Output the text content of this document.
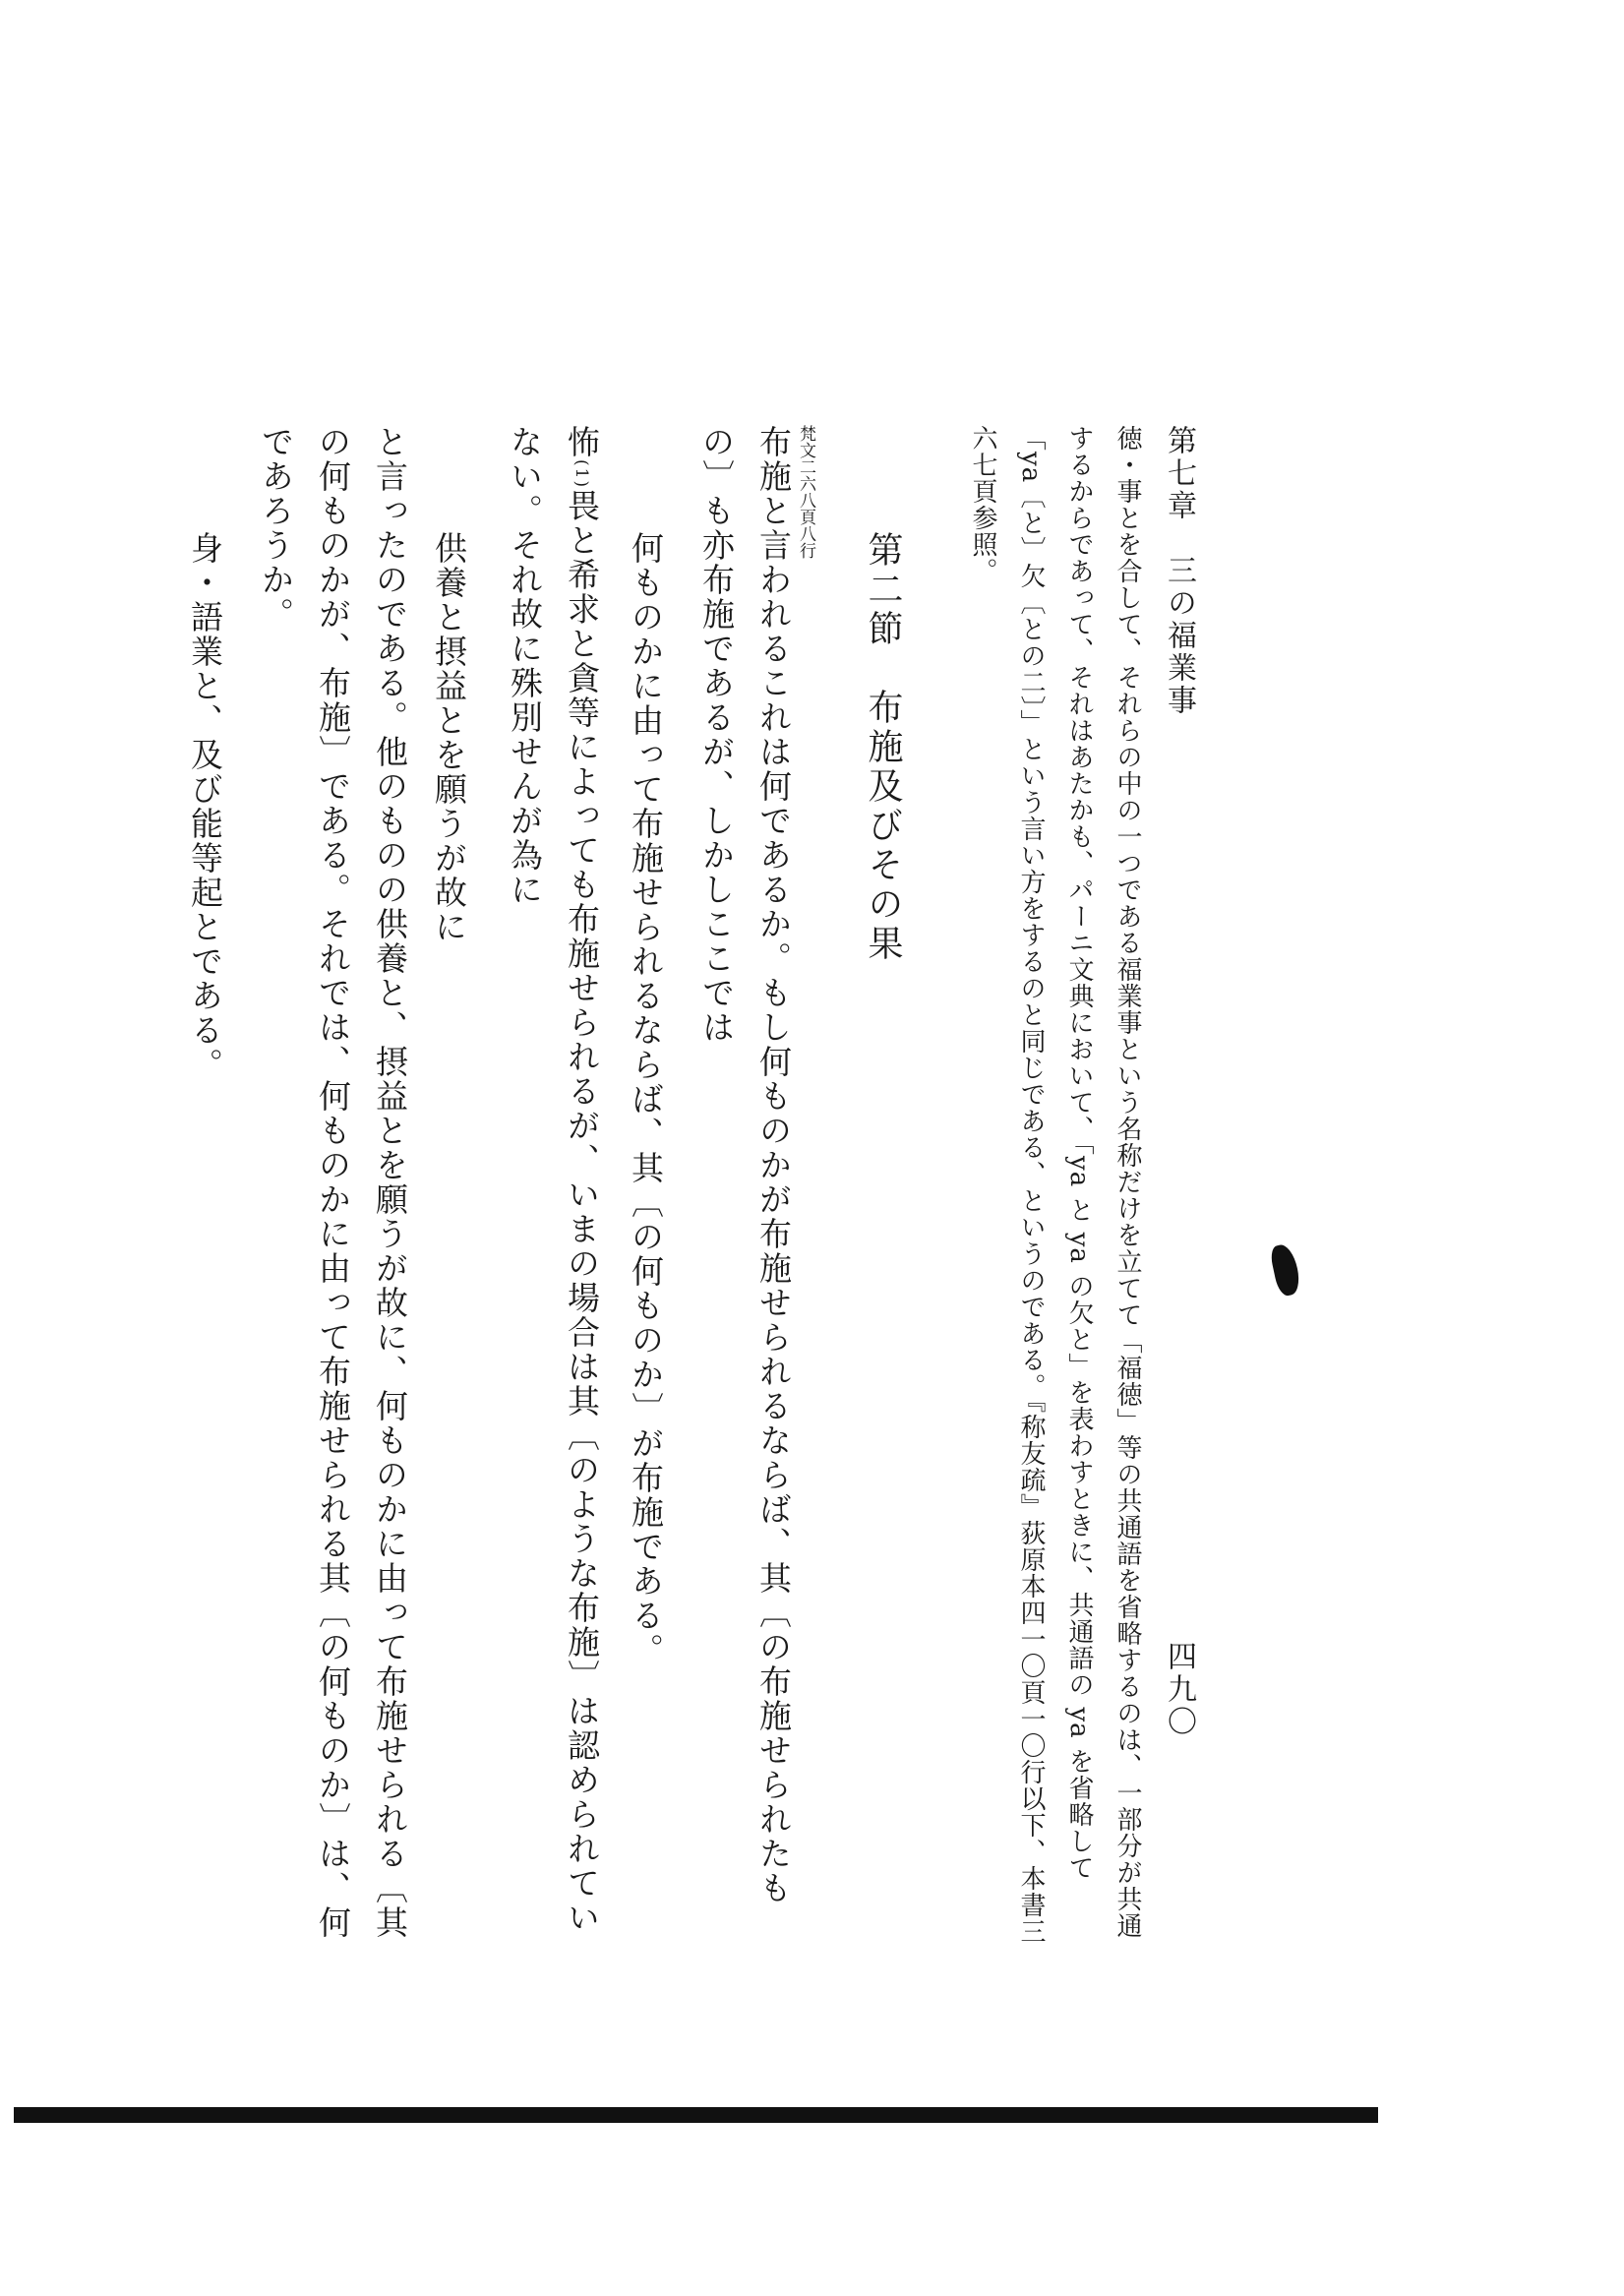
第七章　三の福業事
四九〇
徳・事とを合して、それらの中の一つである福業事という名称だけを立てて「福徳」等の共通語を省略するのは、一部分が共通
するからであって、それはあたかも、パーニ文典において、「ya と ya の欠と」を表わすときに、共通語の ya を省略して
「ya〔と〕欠〔との二〕」という言い方をするのと同じである、というのである。『称友疏』荻原本四一〇頁一〇行以下、本書三
六七頁参照。
第二節　布施及びその果
梵文二六八頁八行
布施と言われるこれは何であるか。もし何ものかが布施せられるならば、其〔の布施せられたも
の〕も亦布施であるが、しかしここでは
何ものかに由って布施せられるならば、其〔の何ものか〕が布施である。
怖(1)畏と希求と貪等によっても布施せられるが、いまの場合は其〔のような布施〕は認められてい
ない。それ故に殊別せんが為に
供養と摂益とを願うが故に
と言ったのである。他のものの供養と、摂益とを願うが故に、何ものかに由って布施せられる〔其
の何ものかが、布施〕である。それでは、何ものかに由って布施せられる其〔の何ものか〕は、何
であろうか。
身・語業と、及び能等起とである。
